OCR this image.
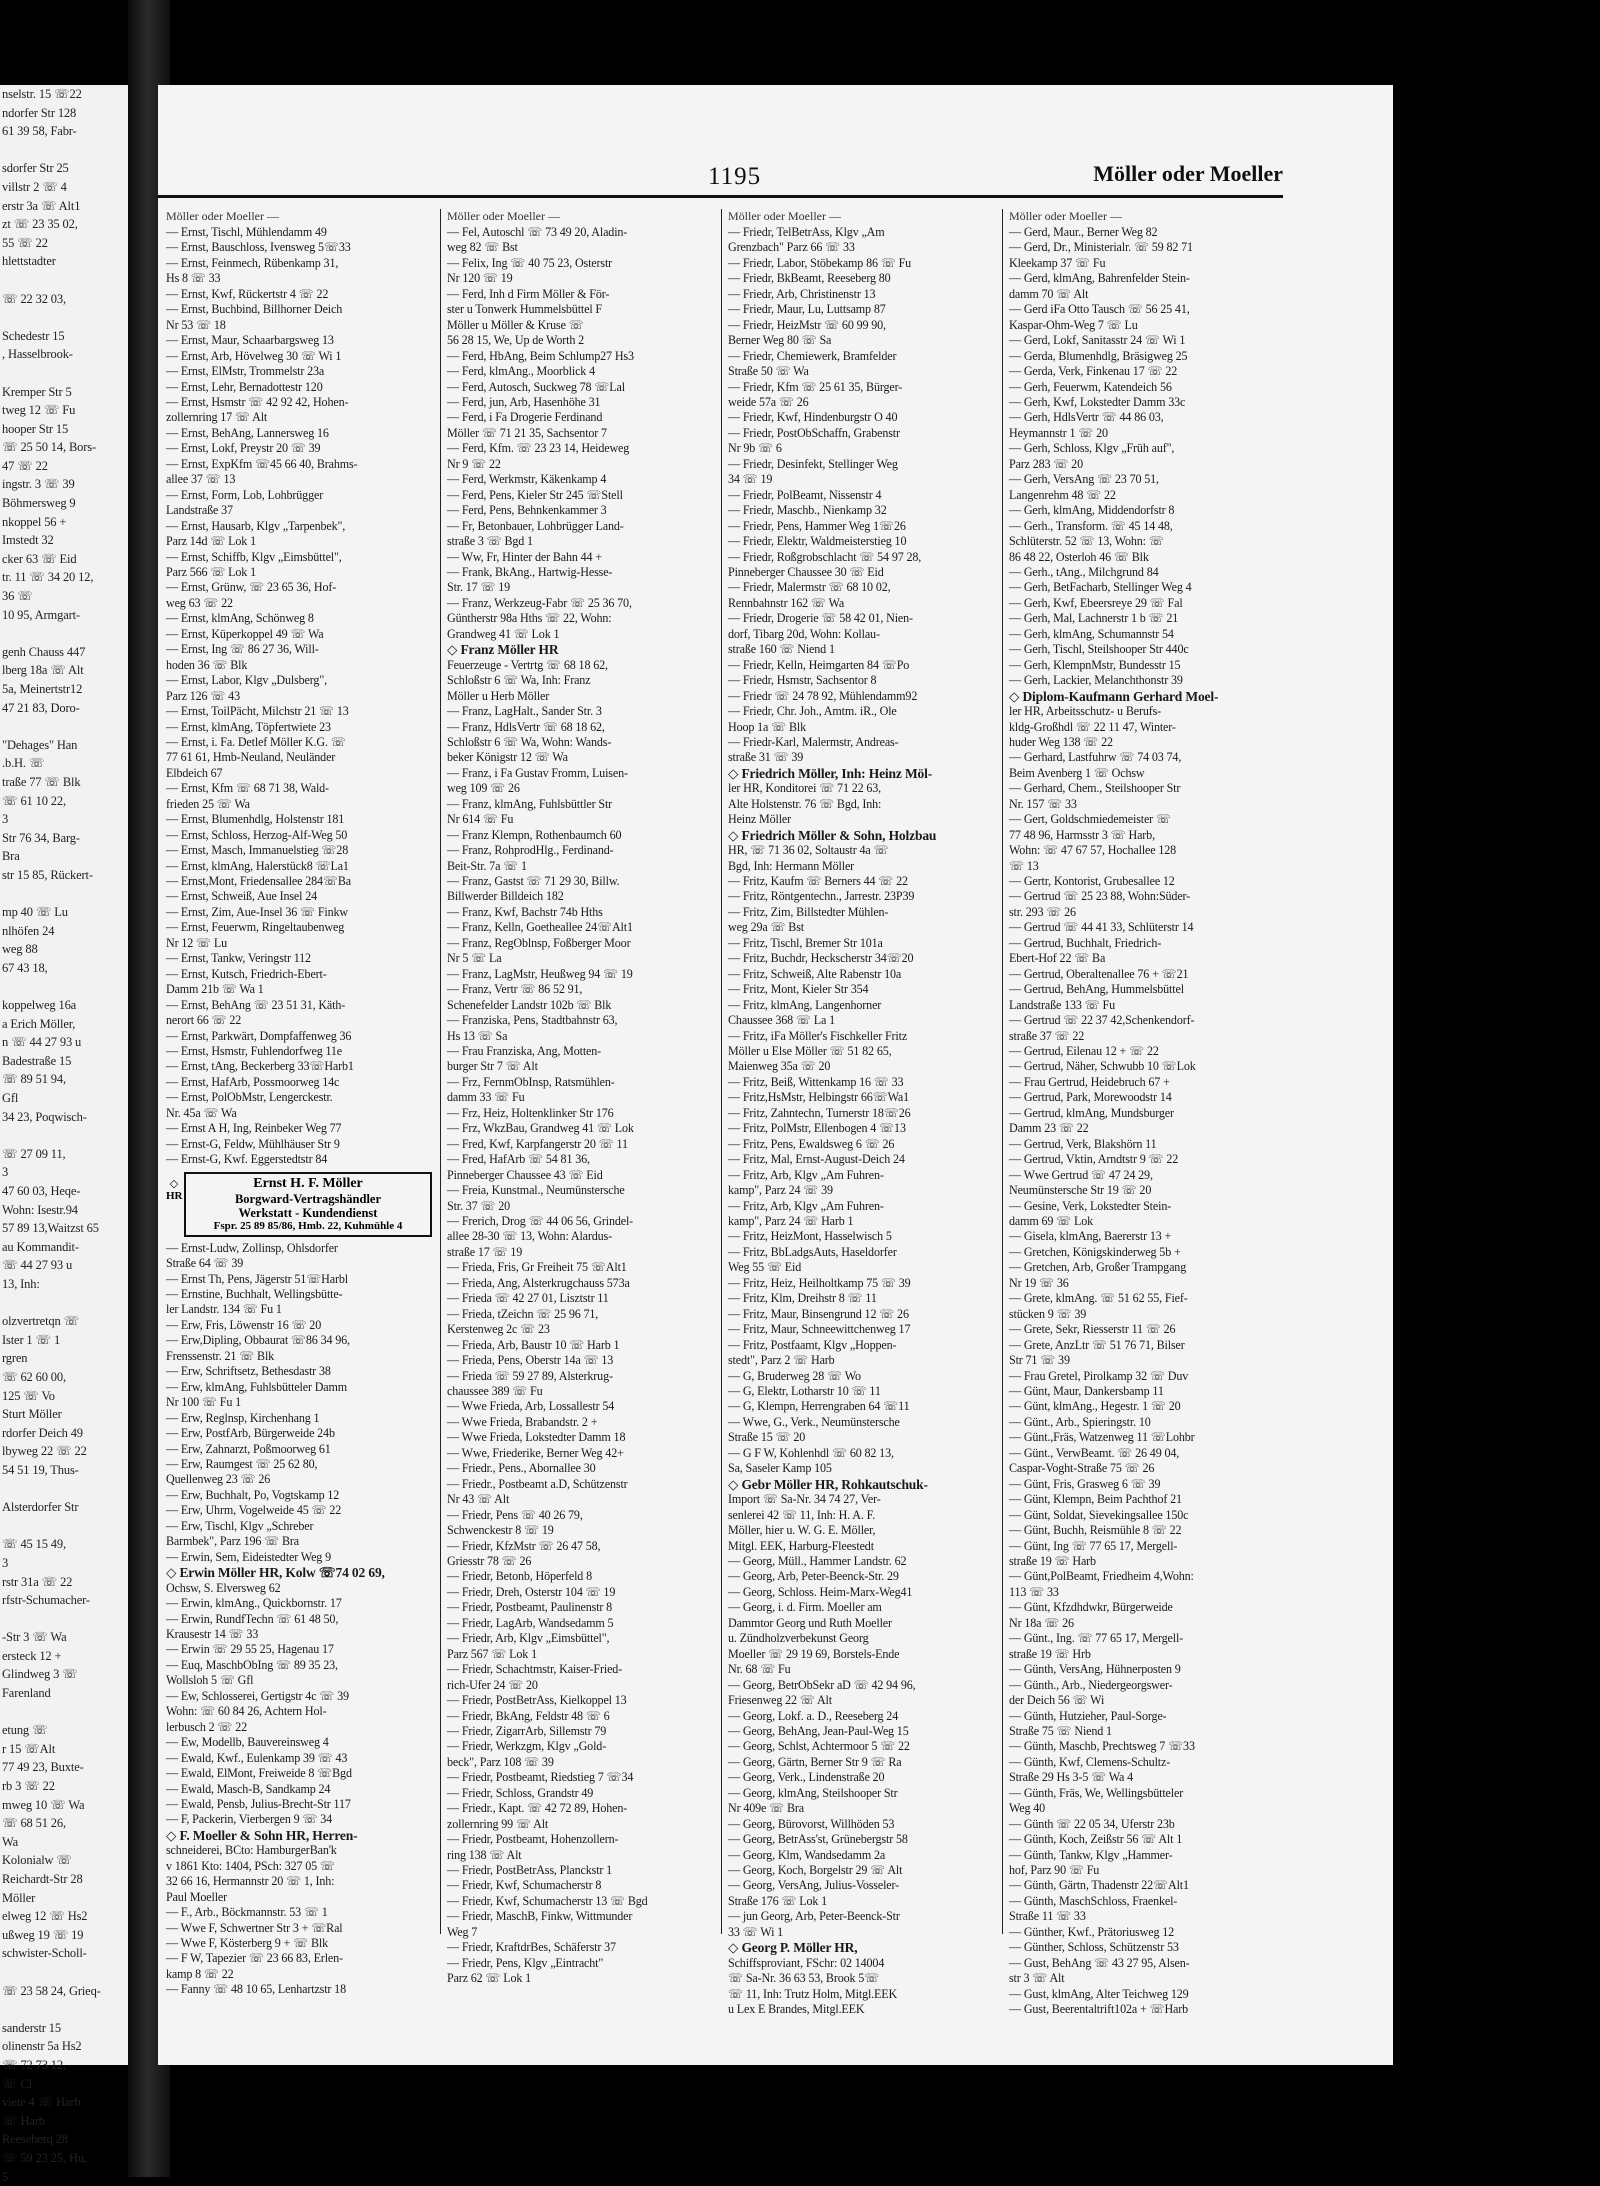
nselstr. 15 ☏22
ndorfer Str 128
61 39 58, Fabr-

sdorfer Str 25
villstr 2 ☏ 4
erstr 3a ☏ Alt1
zt ☏ 23 35 02,
55 ☏ 22
hlettstadter

☏ 22 32 03,

Schedestr 15
, Hasselbrook-

Kremper Str 5
tweg 12 ☏ Fu
hooper Str 15
☏ 25 50 14, Bors-
47 ☏ 22
ingstr. 3 ☏ 39
Böhmersweg 9
nkoppel 56 +
Imstedt 32
cker 63 ☏ Eid
tr. 11 ☏ 34 20 12,
36 ☏
10 95, Armgart-

genh Chauss 447
lberg 18a ☏ Alt
5a, Meinertstr12
47 21 83, Doro-

"Dehages" Han
.b.H. ☏
traße 77 ☏ Blk
☏ 61 10 22,
3
Str 76 34, Barg-
Bra
str 15 85, Rückert-

mp 40 ☏ Lu
nlhöfen 24
weg 88
67 43 18,

koppelweg 16a
a Erich Möller,
n ☏ 44 27 93 u
Badestraße 15
☏ 89 51 94,
Gfl
34 23, Poqwisch-

☏ 27 09 11,
3
47 60 03, Heqe-
Wohn: Isestr.94
57 89 13,Waitzst 65
au Kommandit-
☏ 44 27 93 u
13, Inh:

olzvertretqn ☏
Ister 1 ☏ 1
rgren
☏ 62 60 00,
125 ☏ Vo
Sturt Möller
rdorfer Deich 49
lbyweg 22 ☏ 22
54 51 19, Thus-

Alsterdorfer Str

☏ 45 15 49,
3
rstr 31a ☏ 22
rfstr-Schumacher-

-Str 3 ☏ Wa
ersteck 12 +
Glindweg 3 ☏
Farenland

etung ☏
r 15 ☏Alt
77 49 23, Buxte-
rb 3 ☏ 22
mweg 10 ☏ Wa
☏ 68 51 26,
Wa
Kolonialw ☏
Reichardt-Str 28
Möller
elweg 12 ☏ Hs2
ußweg 19 ☏ 19
schwister-Scholl-

☏ 23 58 24, Grieq-

sanderstr 15
olinenstr 5a Hs2
☏ 72 73 12,
☏ Cl
viete 4 ☏ Harb
☏ Harb
Reeseberq 28
☏ 59 23 25, Hu,
5
1195	Möller oder Moeller
Möller oder Moeller —
— Ernst, Tischl, Mühlendamm 49
— Ernst, Bauschloss, Ivensweg 5☏33
— Ernst, Feinmech, Rübenkamp 31,
Hs 8 ☏ 33
— Ernst, Kwf, Rückertstr 4 ☏ 22
— Ernst, Buchbind, Billhorner Deich
Nr 53 ☏ 18
— Ernst, Maur, Schaarbargsweg 13
— Ernst, Arb, Hövelweg 30 ☏ Wi 1
— Ernst, ElMstr, Trommelstr 23a
— Ernst, Lehr, Bernadottestr 120
— Ernst, Hsmstr ☏ 42 92 42, Hohen-
zollernring 17 ☏ Alt
— Ernst, BehAng, Lannersweg 16
— Ernst, Lokf, Preystr 20 ☏ 39
— Ernst, ExpKfm ☏45 66 40, Brahms-
allee 37 ☏ 13
— Ernst, Form, Lob, Lohbrügger
Landstraße 37
— Ernst, Hausarb, Klgv „Tarpenbek",
Parz 14d ☏ Lok 1
— Ernst, Schiffb, Klgv „Eimsbüttel",
Parz 566 ☏ Lok 1
— Ernst, Grünw, ☏ 23 65 36, Hof-
weg 63 ☏ 22
— Ernst, klmAng, Schönweg 8
— Ernst, Küperkoppel 49 ☏ Wa
— Ernst, Ing ☏ 86 27 36, Will-
hoden 36 ☏ Blk
— Ernst, Labor, Klgv „Dulsberg",
Parz 126 ☏ 43
— Ernst, ToilPächt, Milchstr 21 ☏ 13
— Ernst, klmAng, Töpfertwiete 23
— Ernst, i. Fa. Detlef Möller K.G. ☏
77 61 61, Hmb-Neuland, Neuländer
Elbdeich 67
— Ernst, Kfm ☏ 68 71 38, Wald-
frieden 25 ☏ Wa
— Ernst, Blumenhdlg, Holstenstr 181
— Ernst, Schloss, Herzog-Alf-Weg 50
— Ernst, Masch, Immanuelstieg ☏28
— Ernst, klmAng, Halerstück8 ☏La1
— Ernst,Mont, Friedensallee 284☏Ba
— Ernst, Schweiß, Aue Insel 24
— Ernst, Zim, Aue-Insel 36 ☏ Finkw
— Ernst, Feuerwm, Ringeltaubenweg
Nr 12 ☏ Lu
— Ernst, Tankw, Veringstr 112
— Ernst, Kutsch, Friedrich-Ebert-
Damm 21b ☏ Wa 1
— Ernst, BehAng ☏ 23 51 31, Käth-
nerort 66 ☏ 22
— Ernst, Parkwärt, Dompfaffenweg 36
— Ernst, Hsmstr, Fuhlendorfweg 11e
— Ernst, tAng, Beckerberg 33☏Harb1
— Ernst, HafArb, Possmoorweg 14c
— Ernst, PolObMstr, Lengerckestr.
Nr. 45a ☏ Wa
— Ernst A H, Ing, Reinbeker Weg 77
— Ernst-G, Feldw, Mühlhäuser Str 9
— Ernst-G, Kwf. Eggerstedtstr 84
◇ HR
Ernst H. F. Möller
Borgward-Vertragshändler
Werkstatt - Kundendienst
Fspr. 25 89 85/86, Hmb. 22, Kuhmühle 4
— Ernst-Ludw, Zollinsp, Ohlsdorfer
Straße 64 ☏ 39
— Ernst Th, Pens, Jägerstr 51☏Harbl
— Ernstine, Buchhalt, Wellingsbütte-
ler Landstr. 134 ☏ Fu 1
— Erw, Fris, Löwenstr 16 ☏ 20
— Erw,Dipling, Obbaurat ☏86 34 96,
Frenssenstr. 21 ☏ Blk
— Erw, Schriftsetz, Bethesdastr 38
— Erw, klmAng, Fuhlsbütteler Damm
Nr 100 ☏ Fu 1
— Erw, Reglnsp, Kirchenhang 1
— Erw, PostfArb, Bürgerweide 24b
— Erw, Zahnarzt, Poßmoorweg 61
— Erw, Raumgest ☏ 25 62 80,
Quellenweg 23 ☏ 26
— Erw, Buchhalt, Po, Vogtskamp 12
— Erw, Uhrm, Vogelweide 45 ☏ 22
— Erw, Tischl, Klgv „Schreber
Barmbek", Parz 196 ☏ Bra
— Erwin, Sem, Eideistedter Weg 9
◇ Erwin Möller HR, Kolw ☏74 02 69,
Ochsw, S. Elversweg 62
— Erwin, klmAng., Quickbornstr. 17
— Erwin, RundfTechn ☏ 61 48 50,
Krausestr 14 ☏ 33
— Erwin ☏ 29 55 25, Hagenau 17
— Euq, MaschbObIng ☏ 89 35 23,
Wollsloh 5 ☏ Gfl
— Ew, Schlosserei, Gertigstr 4c ☏ 39
Wohn: ☏ 60 84 26, Achtern Hol-
lerbusch 2 ☏ 22
— Ew, Modellb, Bauvereinsweg 4
— Ewald, Kwf., Eulenkamp 39 ☏ 43
— Ewald, ElMont, Freiweide 8 ☏Bgd
— Ewald, Masch-B, Sandkamp 24
— Ewald, Pensb, Julius-Brecht-Str 117
— F, Packerin, Vierbergen 9 ☏ 34
◇ F. Moeller & Sohn HR, Herren-
schneiderei, BCto: HamburgerBan'k
v 1861 Kto: 1404, PSch: 327 05 ☏
32 66 16, Hermannstr 20 ☏ 1, Inh:
Paul Moeller
— F., Arb., Böckmannstr. 53 ☏ 1
— Wwe F, Schwertner Str 3 + ☏Ral
— Wwe F, Kösterberg 9 + ☏ Blk
— F W, Tapezier ☏ 23 66 83, Erlen-
kamp 8 ☏ 22
— Fanny ☏ 48 10 65, Lenhartzstr 18
Möller oder Moeller —
— Fel, Autoschl ☏ 73 49 20, Aladin-
weg 82 ☏ Bst
— Felix, Ing ☏ 40 75 23, Osterstr
Nr 120 ☏ 19
— Ferd, Inh d Firm Möller & För-
ster u Tonwerk Hummelsbüttel F
Möller u Möller & Kruse ☏
56 28 15, We, Up de Worth 2
— Ferd, HbAng, Beim Schlump27 Hs3
— Ferd, klmAng., Moorblick 4
— Ferd, Autosch, Suckweg 78 ☏Lal
— Ferd, jun, Arb, Hasenhöhe 31
— Ferd, i Fa Drogerie Ferdinand
Möller ☏ 71 21 35, Sachsentor 7
— Ferd, Kfm. ☏ 23 23 14, Heideweg
Nr 9 ☏ 22
— Ferd, Werkmstr, Käkenkamp 4
— Ferd, Pens, Kieler Str 245 ☏Stell
— Ferd, Pens, Behnkenkammer 3
— Fr, Betonbauer, Lohbrügger Land-
straße 3 ☏ Bgd 1
— Ww, Fr, Hinter der Bahn 44 +
— Frank, BkAng., Hartwig-Hesse-
Str. 17 ☏ 19
— Franz, Werkzeug-Fabr ☏ 25 36 70,
Güntherstr 98a Hths ☏ 22, Wohn:
Grandweg 41 ☏ Lok 1
◇ Franz Möller HR
Feuerzeuge - Vertrtg ☏ 68 18 62,
Schloßstr 6 ☏ Wa, Inh: Franz
Möller u Herb Möller
— Franz, LagHalt., Sander Str. 3
— Franz, HdlsVertr ☏ 68 18 62,
Schloßstr 6 ☏ Wa, Wohn: Wands-
beker Königstr 12 ☏ Wa
— Franz, i Fa Gustav Fromm, Luisen-
weg 109 ☏ 26
— Franz, klmAng, Fuhlsbüttler Str
Nr 614 ☏ Fu
— Franz Klempn, Rothenbaumch 60
— Franz, RohprodHlg., Ferdinand-
Beit-Str. 7a ☏ 1
— Franz, Gastst ☏ 71 29 30, Billw.
Billwerder Billdeich 182
— Franz, Kwf, Bachstr 74b Hths
— Franz, Kelln, Goetheallee 24☏Alt1
— Franz, RegOblnsp, Foßberger Moor
Nr 5 ☏ La
— Franz, LagMstr, Heußweg 94 ☏ 19
— Franz, Vertr ☏ 86 52 91,
Schenefelder Landstr 102b ☏ Blk
— Franziska, Pens, Stadtbahnstr 63,
Hs 13 ☏ Sa
— Frau Franziska, Ang, Motten-
burger Str 7 ☏ Alt
— Frz, FernmObInsp, Ratsmühlen-
damm 33 ☏ Fu
— Frz, Heiz, Holtenklinker Str 176
— Frz, WkzBau, Grandweg 41 ☏ Lok
— Fred, Kwf, Karpfangerstr 20 ☏ 11
— Fred, HafArb ☏ 54 81 36,
Pinneberger Chaussee 43 ☏ Eid
— Freia, Kunstmal., Neumünstersche
Str. 37 ☏ 20
— Frerich, Drog ☏ 44 06 56, Grindel-
allee 28-30 ☏ 13, Wohn: Alardus-
straße 17 ☏ 19
— Frieda, Fris, Gr Freiheit 75 ☏Alt1
— Frieda, Ang, Alsterkrugchauss 573a
— Frieda ☏ 42 27 01, Lisztstr 11
— Frieda, tZeichn ☏ 25 96 71,
Kerstenweg 2c ☏ 23
— Frieda, Arb, Baustr 10 ☏ Harb 1
— Frieda, Pens, Oberstr 14a ☏ 13
— Frieda ☏ 59 27 89, Alsterkrug-
chaussee 389 ☏ Fu
— Wwe Frieda, Arb, Lossallestr 54
— Wwe Frieda, Brabandstr. 2 +
— Wwe Frieda, Lokstedter Damm 18
— Wwe, Friederike, Berner Weg 42+
— Friedr., Pens., Abornallee 30
— Friedr., Postbeamt a.D, Schützenstr
Nr 43 ☏ Alt
— Friedr, Pens ☏ 40 26 79,
Schwenckestr 8 ☏ 19
— Friedr, KfzMstr ☏ 26 47 58,
Griesstr 78 ☏ 26
— Friedr, Betonb, Höperfeld 8
— Friedr, Dreh, Osterstr 104 ☏ 19
— Friedr, Postbeamt, Paulinenstr 8
— Friedr, LagArb, Wandsedamm 5
— Friedr, Arb, Klgv „Eimsbüttel",
Parz 567 ☏ Lok 1
— Friedr, Schachtmstr, Kaiser-Fried-
rich-Ufer 24 ☏ 20
— Friedr, PostBetrAss, Kielkoppel 13
— Friedr, BkAng, Feldstr 48 ☏ 6
— Friedr, ZigarrArb, Sillemstr 79
— Friedr, Werkzgm, Klgv „Gold-
beck", Parz 108 ☏ 39
— Friedr, Postbeamt, Riedstieg 7 ☏34
— Friedr, Schloss, Grandstr 49
— Friedr., Kapt. ☏ 42 72 89, Hohen-
zollernring 99 ☏ Alt
— Friedr, Postbeamt, Hohenzollern-
ring 138 ☏ Alt
— Friedr, PostBetrAss, Planckstr 1
— Friedr, Kwf, Schumacherstr 8
— Friedr, Kwf, Schumacherstr 13 ☏ Bgd
— Friedr, MaschB, Finkw, Wittmunder
Weg 7
— Friedr, KraftdrBes, Schäferstr 37
— Friedr, Pens, Klgv „Eintracht"
Parz 62 ☏ Lok 1
Möller oder Moeller —
— Friedr, TelBetrAss, Klgv „Am
Grenzbach" Parz 66 ☏ 33
— Friedr, Labor, Stöbekamp 86 ☏ Fu
— Friedr, BkBeamt, Reeseberg 80
— Friedr, Arb, Christinenstr 13
— Friedr, Maur, Lu, Luttsamp 87
— Friedr, HeizMstr ☏ 60 99 90,
Berner Weg 80 ☏ Sa
— Friedr, Chemiewerk, Bramfelder
Straße 50 ☏ Wa
— Friedr, Kfm ☏ 25 61 35, Bürger-
weide 57a ☏ 26
— Friedr, Kwf, Hindenburgstr O 40
— Friedr, PostObSchaffn, Grabenstr
Nr 9b ☏ 6
— Friedr, Desinfekt, Stellinger Weg
34 ☏ 19
— Friedr, PolBeamt, Nissenstr 4
— Friedr, Maschb., Nienkamp 32
— Friedr, Pens, Hammer Weg 1☏26
— Friedr, Elektr, Waldmeisterstieg 10
— Friedr, Roßgrobschlacht ☏ 54 97 28,
Pinneberger Chaussee 30 ☏ Eid
— Friedr, Malermstr ☏ 68 10 02,
Rennbahnstr 162 ☏ Wa
— Friedr, Drogerie ☏ 58 42 01, Nien-
dorf, Tibarg 20d, Wohn: Kollau-
straße 160 ☏ Niend 1
— Friedr, Kelln, Heimgarten 84 ☏Po
— Friedr, Hsmstr, Sachsentor 8
— Friedr ☏ 24 78 92, Mühlendamm92
— Friedr, Chr. Joh., Amtm. iR., Ole
Hoop 1a ☏ Blk
— Friedr-Karl, Malermstr, Andreas-
straße 31 ☏ 39
◇ Friedrich Möller, Inh: Heinz Möl-
ler HR, Konditorei ☏ 71 22 63,
Alte Holstenstr. 76 ☏ Bgd, Inh:
Heinz Möller
◇ Friedrich Möller & Sohn, Holzbau
HR, ☏ 71 36 02, Soltaustr 4a ☏
Bgd, Inh: Hermann Möller
— Fritz, Kaufm ☏ Berners 44 ☏ 22
— Fritz, Röntgentechn., Jarrestr. 23P39
— Fritz, Zim, Billstedter Mühlen-
weg 29a ☏ Bst
— Fritz, Tischl, Bremer Str 101a
— Fritz, Buchdr, Heckscherstr 34☏20
— Fritz, Schweiß, Alte Rabenstr 10a
— Fritz, Mont, Kieler Str 354
— Fritz, klmAng, Langenhorner
Chaussee 368 ☏ La 1
— Fritz, iFa Möller's Fischkeller Fritz
Möller u Else Möller ☏ 51 82 65,
Maienweg 35a ☏ 20
— Fritz, Beiß, Wittenkamp 16 ☏ 33
— Fritz,HsMstr, Helbingstr 66☏Wa1
— Fritz, Zahntechn, Turnerstr 18☏26
— Fritz, PolMstr, Ellenbogen 4 ☏13
— Fritz, Pens, Ewaldsweg 6 ☏ 26
— Fritz, Mal, Ernst-August-Deich 24
— Fritz, Arb, Klgv „Am Fuhren-
kamp", Parz 24 ☏ 39
— Fritz, Arb, Klgv „Am Fuhren-
kamp", Parz 24 ☏ Harb 1
— Fritz, HeizMont, Hasselwisch 5
— Fritz, BbLadgsAuts, Haseldorfer
Weg 55 ☏ Eid
— Fritz, Heiz, Heilholtkamp 75 ☏ 39
— Fritz, Klm, Dreihstr 8 ☏ 11
— Fritz, Maur, Binsengrund 12 ☏ 26
— Fritz, Maur, Schneewittchenweg 17
— Fritz, Postfaamt, Klgv „Hoppen-
stedt", Parz 2 ☏ Harb
— G, Bruderweg 28 ☏ Wo
— G, Elektr, Lotharstr 10 ☏ 11
— G, Klempn, Herrengraben 64 ☏11
— Wwe, G., Verk., Neumünstersche
Straße 15 ☏ 20
— G F W, Kohlenhdl ☏ 60 82 13,
Sa, Saseler Kamp 105
◇ Gebr Möller HR, Rohkautschuk-
Import ☏ Sa-Nr. 34 74 27, Ver-
senlerei 42 ☏ 11, Inh: H. A. F.
Möller, hier u. W. G. E. Möller,
Mitgl. EEK, Harburg-Fleestedt
— Georg, Müll., Hammer Landstr. 62
— Georg, Arb, Peter-Beenck-Str. 29
— Georg, Schloss. Heim-Marx-Weg41
— Georg, i. d. Firm. Moeller am
Dammtor Georg und Ruth Moeller
u. Zündholzverbekunst Georg
Moeller ☏ 29 19 69, Borstels-Ende
Nr. 68 ☏ Fu
— Georg, BetrObSekr aD ☏ 42 94 96,
Friesenweg 22 ☏ Alt
— Georg, Lokf. a. D., Reeseberg 24
— Georg, BehAng, Jean-Paul-Weg 15
— Georg, Schlst, Achtermoor 5 ☏ 22
— Georg, Gärtn, Berner Str 9 ☏ Ra
— Georg, Verk., Lindenstraße 20
— Georg, klmAng, Steilshooper Str
Nr 409e ☏ Bra
— Georg, Bürovorst, Willhöden 53
— Georg, BetrAss'st, Grünebergstr 58
— Georg, Klm, Wandsedamm 2a
— Georg, Koch, Borgelstr 29 ☏ Alt
— Georg, VersAng, Julius-Vosseler-
Straße 176 ☏ Lok 1
— jun Georg, Arb, Peter-Beenck-Str
33 ☏ Wi 1
◇ Georg P. Möller HR,
Schiffsproviant, FSchr: 02 14004
☏ Sa-Nr. 36 63 53, Brook 5☏
☏ 11, Inh: Trutz Holm, Mitgl.EEK
u Lex E Brandes, Mitgl.EEK
Möller oder Moeller —
— Gerd, Maur., Berner Weg 82
— Gerd, Dr., Ministerialr. ☏ 59 82 71
Kleekamp 37 ☏ Fu
— Gerd, klmAng, Bahrenfelder Stein-
damm 70 ☏ Alt
— Gerd iFa Otto Tausch ☏ 56 25 41,
Kaspar-Ohm-Weg 7 ☏ Lu
— Gerd, Lokf, Sanitasstr 24 ☏ Wi 1
— Gerda, Blumenhdlg, Bräsigweg 25
— Gerda, Verk, Finkenau 17 ☏ 22
— Gerh, Feuerwm, Katendeich 56
— Gerh, Kwf, Lokstedter Damm 33c
— Gerh, HdlsVertr ☏ 44 86 03,
Heymannstr 1 ☏ 20
— Gerh, Schloss, Klgv „Früh auf",
Parz 283 ☏ 20
— Gerh, VersAng ☏ 23 70 51,
Langenrehm 48 ☏ 22
— Gerh, klmAng, Middendorfstr 8
— Gerh., Transform. ☏ 45 14 48,
Schlüterstr. 52 ☏ 13, Wohn: ☏
86 48 22, Osterloh 46 ☏ Blk
— Gerh., tAng., Milchgrund 84
— Gerh, BetFacharb, Stellinger Weg 4
— Gerh, Kwf, Ebeersreye 29 ☏ Fal
— Gerh, Mal, Lachnerstr 1 b ☏ 21
— Gerh, klmAng, Schumannstr 54
— Gerh, Tischl, Steilshooper Str 440c
— Gerh, KlempnMstr, Bundesstr 15
— Gerh, Lackier, Melanchthonstr 39
◇ Diplom-Kaufmann Gerhard Moel-
ler HR, Arbeitsschutz- u Berufs-
kldg-Großhdl ☏ 22 11 47, Winter-
huder Weg 138 ☏ 22
— Gerhard, Lastfuhrw ☏ 74 03 74,
Beim Avenberg 1 ☏ Ochsw
— Gerhard, Chem., Steilshooper Str
Nr. 157 ☏ 33
— Gert, Goldschmiedemeister ☏
77 48 96, Harmsstr 3 ☏ Harb,
Wohn: ☏ 47 67 57, Hochallee 128
☏ 13
— Gertr, Kontorist, Grubesallee 12
— Gertrud ☏ 25 23 88, Wohn:Süder-
str. 293 ☏ 26
— Gertrud ☏ 44 41 33, Schlüterstr 14
— Gertrud, Buchhalt, Friedrich-
Ebert-Hof 22 ☏ Ba
— Gertrud, Oberaltenallee 76 + ☏21
— Gertrud, BehAng, Hummelsbüttel
Landstraße 133 ☏ Fu
— Gertrud ☏ 22 37 42,Schenkendorf-
straße 37 ☏ 22
— Gertrud, Eilenau 12 + ☏ 22
— Gertrud, Näher, Schwubb 10 ☏Lok
— Frau Gertrud, Heidebruch 67 +
— Gertrud, Park, Morewoodstr 14
— Gertrud, klmAng, Mundsburger
Damm 23 ☏ 22
— Gertrud, Verk, Blakshörn 11
— Gertrud, Vktin, Arndtstr 9 ☏ 22
— Wwe Gertrud ☏ 47 24 29,
Neumünstersche Str 19 ☏ 20
— Gesine, Verk, Lokstedter Stein-
damm 69 ☏ Lok
— Gisela, klmAng, Baererstr 13 +
— Gretchen, Königskinderweg 5b +
— Gretchen, Arb, Großer Trampgang
Nr 19 ☏ 36
— Grete, klmAng. ☏ 51 62 55, Fief-
stücken 9 ☏ 39
— Grete, Sekr, Riesserstr 11 ☏ 26
— Grete, AnzLtr ☏ 51 76 71, Bilser
Str 71 ☏ 39
— Frau Gretel, Pirolkamp 32 ☏ Duv
— Günt, Maur, Dankersbamp 11
— Günt, klmAng., Hegestr. 1 ☏ 20
— Günt., Arb., Spieringstr. 10
— Günt.,Fräs, Watzenweg 11 ☏Lohbr
— Günt., VerwBeamt. ☏ 26 49 04,
Caspar-Voght-Straße 75 ☏ 26
— Günt, Fris, Grasweg 6 ☏ 39
— Günt, Klempn, Beim Pachthof 21
— Günt, Soldat, Sievekingsallee 150c
— Günt, Buchh, Reismühle 8 ☏ 22
— Günt, Ing ☏ 77 65 17, Mergell-
straße 19 ☏ Harb
— Günt,PolBeamt, Friedheim 4,Wohn:
113 ☏ 33
— Günt, Kfzdhdwkr, Bürgerweide
Nr 18a ☏ 26
— Günt., Ing. ☏ 77 65 17, Mergell-
straße 19 ☏ Hrb
— Günth, VersAng, Hühnerposten 9
— Günth., Arb., Niedergeorgswer-
der Deich 56 ☏ Wi
— Günth, Hutzieher, Paul-Sorge-
Straße 75 ☏ Niend 1
— Günth, Maschb, Prechtsweg 7 ☏33
— Günth, Kwf, Clemens-Schultz-
Straße 29 Hs 3-5 ☏ Wa 4
— Günth, Fräs, We, Wellingsbütteler
Weg 40
— Günth ☏ 22 05 34, Uferstr 23b
— Günth, Koch, Zeißstr 56 ☏ Alt 1
— Günth, Tankw, Klgv „Hammer-
hof, Parz 90 ☏ Fu
— Günth, Gärtn, Thadenstr 22☏Alt1
— Günth, MaschSchloss, Fraenkel-
Straße 11 ☏ 33
— Günther, Kwf., Prätoriusweg 12
— Günther, Schloss, Schützenstr 53
— Gust, BehAng ☏ 43 27 95, Alsen-
str 3 ☏ Alt
— Gust, klmAng, Alter Teichweg 129
— Gust, Beerentaltrift102a + ☏Harb
